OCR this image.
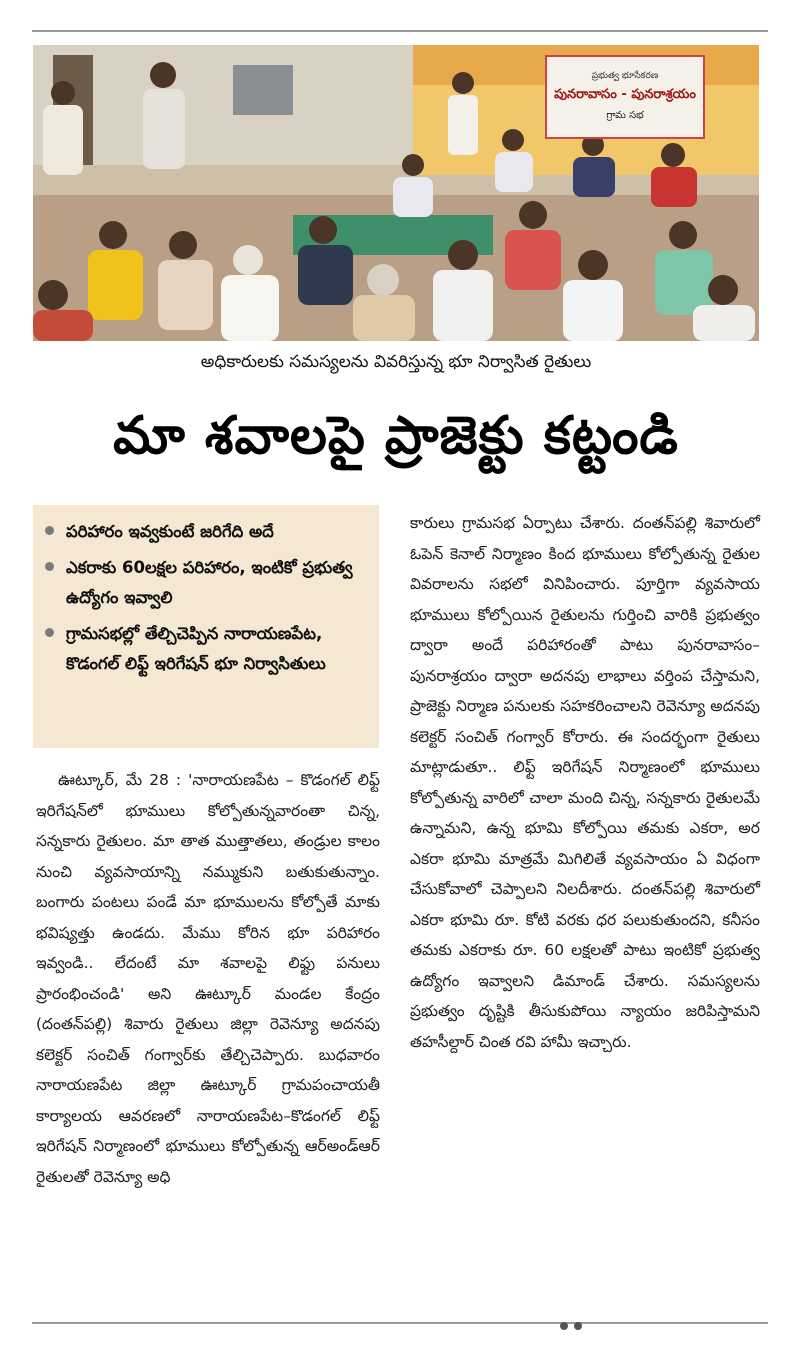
ప్రభుత్వ భూసేకరణ
పునరావాసం - పునరాశ్రయం
గ్రామ సభ
అధికారులకు సమస్యలను వివరిస్తున్న భూ నిర్వాసిత రైతులు
మా శవాలపై ప్రాజెక్టు కట్టండి
పరిహారం ఇవ్వకుంటే జరిగేది అదే
ఎకరాకు 60లక్షల పరిహారం, ఇంటికో ప్రభుత్వ ఉద్యోగం ఇవ్వాలి
గ్రామసభల్లో తేల్చిచెప్పిన నారాయణపేట, కొడంగల్ లిఫ్ట్ ఇరిగేషన్ భూ నిర్వాసితులు

ఊట్కూర్, మే 28 : 'నారాయణపేట – కొడంగల్ లిఫ్ట్ ఇరిగేషన్‌లో భూములు కోల్పోతున్నవారంతా చిన్న, సన్నకారు రైతులం. మా తాత ముత్తాతలు, తండ్రుల కాలం నుంచి వ్యవసాయాన్ని నమ్ముకుని బతుకుతున్నాం. బంగారు పంటలు పండే మా భూములను కోల్పోతే మాకు భవిష్యత్తు ఉండదు. మేము కోరిన భూ పరిహారం ఇవ్వండి.. లేదంటే మా శవాలపై లిఫ్టు పనులు ప్రారంభించండి' అని ఊట్కూర్ మండల కేంద్రం (దంతన్‌పల్లి) శివారు రైతులు జిల్లా రెవెన్యూ అదనపు కలెక్టర్ సంచిత్ గంగ్వార్‌కు తేల్చిచెప్పారు. బుధవారం నారాయణపేట జిల్లా ఊట్కూర్ గ్రామపంచాయతీ కార్యాలయ ఆవరణలో నారాయణపేట–కొడంగల్ లిఫ్ట్ ఇరిగేషన్ నిర్మాణంలో భూములు కోల్పోతున్న ఆర్అండ్ఆర్ రైతులతో రెవెన్యూ అధి

కారులు గ్రామసభ ఏర్పాటు చేశారు. దంతన్‌పల్లి శివారులో ఓపెన్ కెనాల్ నిర్మాణం కింద భూములు కోల్పోతున్న రైతుల వివరాలను సభలో వినిపించారు. పూర్తిగా వ్యవసాయ భూములు కోల్పోయిన రైతులను గుర్తించి వారికి ప్రభుత్వం ద్వారా అందే పరిహారంతో పాటు పునరావాసం–పునరాశ్రయం ద్వారా అదనపు లాభాలు వర్తింప చేస్తామని, ప్రాజెక్టు నిర్మాణ పనులకు సహకరించాలని రెవెన్యూ అదనపు కలెక్టర్ సంచిత్ గంగ్వార్ కోరారు. ఈ సందర్భంగా రైతులు మాట్లాడుతూ.. లిఫ్ట్ ఇరిగేషన్ నిర్మాణంలో భూములు కోల్పోతున్న వారిలో చాలా మంది చిన్న, సన్నకారు రైతులమే ఉన్నామని, ఉన్న భూమి కోల్పోయి తమకు ఎకరా, అర ఎకరా భూమి మాత్రమే మిగిలితే వ్యవసాయం ఏ విధంగా చేసుకోవాలో చెప్పాలని నిలదీశారు. దంతన్‌పల్లి శివారులో ఎకరా భూమి రూ. కోటి వరకు ధర పలుకుతుందని, కనీసం తమకు ఎకరాకు రూ. 60 లక్షలతో పాటు ఇంటికో ప్రభుత్వ ఉద్యోగం ఇవ్వాలని డిమాండ్ చేశారు. సమస్యలను ప్రభుత్వం దృష్టికి తీసుకుపోయి న్యాయం జరిపిస్తామని తహసీల్దార్ చింత రవి హామీ ఇచ్చారు.
